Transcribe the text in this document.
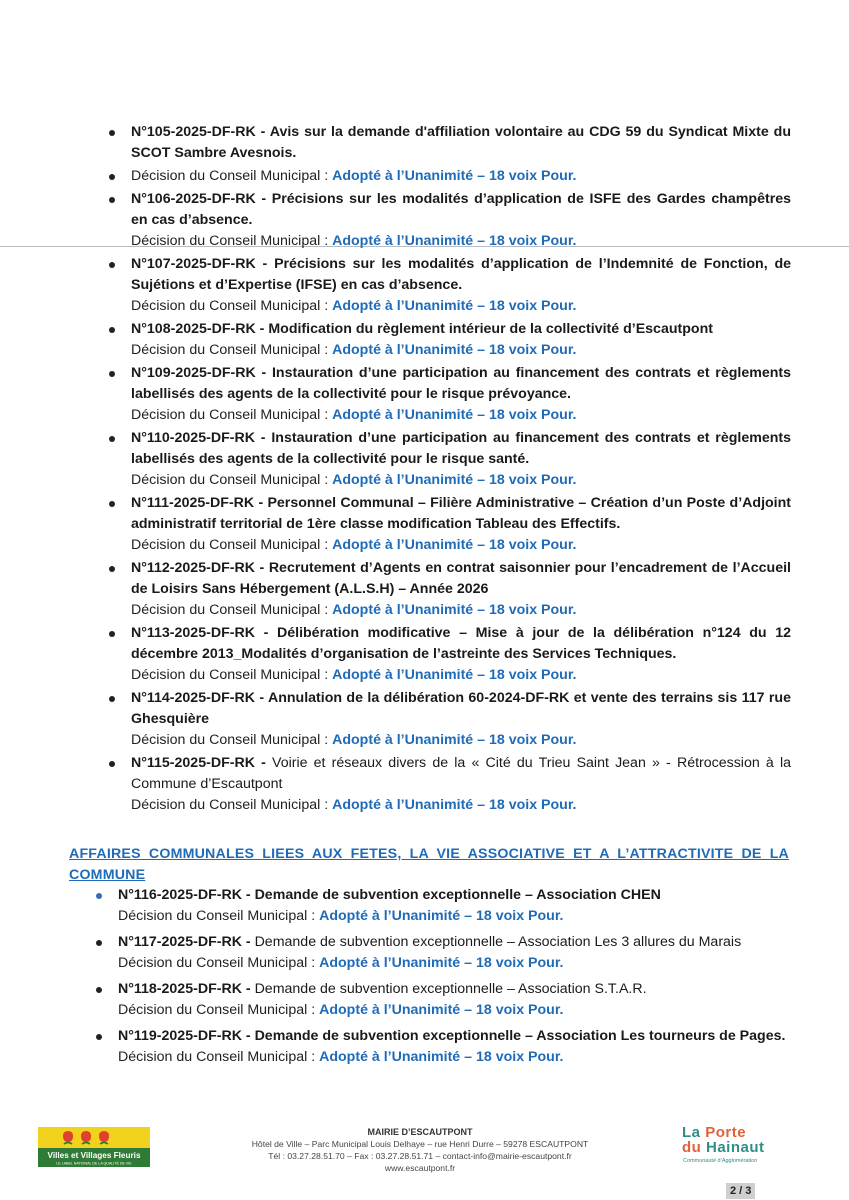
N°105-2025-DF-RK - Avis sur la demande d'affiliation volontaire au CDG 59 du Syndicat Mixte du SCOT Sambre Avesnois.
Décision du Conseil Municipal : Adopté à l’Unanimité – 18 voix Pour.
N°106-2025-DF-RK - Précisions sur les modalités d’application de ISFE des Gardes champêtres en cas d’absence.
Décision du Conseil Municipal : Adopté à l’Unanimité – 18 voix Pour.
N°107-2025-DF-RK - Précisions sur les modalités d’application de l’Indemnité de Fonction, de Sujétions et d’Expertise (IFSE) en cas d’absence.
Décision du Conseil Municipal : Adopté à l’Unanimité – 18 voix Pour.
N°108-2025-DF-RK - Modification du règlement intérieur de la collectivité d’Escautpont
Décision du Conseil Municipal : Adopté à l’Unanimité – 18 voix Pour.
N°109-2025-DF-RK - Instauration d’une participation au financement des contrats et règlements labellisés des agents de la collectivité pour le risque prévoyance.
Décision du Conseil Municipal : Adopté à l’Unanimité – 18 voix Pour.
N°110-2025-DF-RK - Instauration d’une participation au financement des contrats et règlements labellisés des agents de la collectivité pour le risque santé.
Décision du Conseil Municipal : Adopté à l’Unanimité – 18 voix Pour.
N°111-2025-DF-RK - Personnel Communal – Filière Administrative – Création d’un Poste d’Adjoint administratif territorial de 1ère classe modification Tableau des Effectifs.
Décision du Conseil Municipal : Adopté à l’Unanimité – 18 voix Pour.
N°112-2025-DF-RK - Recrutement d’Agents en contrat saisonnier pour l’encadrement de l’Accueil de Loisirs Sans Hébergement (A.L.S.H) – Année 2026
Décision du Conseil Municipal : Adopté à l’Unanimité – 18 voix Pour.
N°113-2025-DF-RK - Délibération modificative – Mise à jour de la délibération n°124 du 12 décembre 2013_Modalités d’organisation de l’astreinte des Services Techniques.
Décision du Conseil Municipal : Adopté à l’Unanimité – 18 voix Pour.
N°114-2025-DF-RK - Annulation de la délibération 60-2024-DF-RK et vente des terrains sis 117 rue Ghesquière
Décision du Conseil Municipal : Adopté à l’Unanimité – 18 voix Pour.
N°115-2025-DF-RK - Voirie et réseaux divers de la « Cité du Trieu Saint Jean » - Rétrocession à la Commune d’Escautpont
Décision du Conseil Municipal : Adopté à l’Unanimité – 18 voix Pour.
AFFAIRES COMMUNALES LIEES AUX FETES, LA VIE ASSOCIATIVE ET A L’ATTRACTIVITE DE LA COMMUNE
N°116-2025-DF-RK - Demande de subvention exceptionnelle – Association CHEN
Décision du Conseil Municipal : Adopté à l’Unanimité – 18 voix Pour.
N°117-2025-DF-RK - Demande de subvention exceptionnelle – Association Les 3 allures du Marais
Décision du Conseil Municipal : Adopté à l’Unanimité – 18 voix Pour.
N°118-2025-DF-RK - Demande de subvention exceptionnelle – Association S.T.A.R.
Décision du Conseil Municipal : Adopté à l’Unanimité – 18 voix Pour.
N°119-2025-DF-RK - Demande de subvention exceptionnelle – Association Les tourneurs de Pages.
Décision du Conseil Municipal : Adopté à l’Unanimité – 18 voix Pour.
Villes et Villages Fleuris
LE LABEL NATIONAL DE LA QUALITÉ DE VIE
MAIRIE D’ESCAUTPONT
Hôtel de Ville – Parc Municipal Louis Delhaye – rue Henri Durre – 59278 ESCAUTPONT
Tél : 03.27.28.51.70 – Fax : 03.27.28.51.71 – contact-info@mairie-escautpont.fr
www.escautpont.fr
La Porte
du Hainaut
Communauté d’Agglomération
2 / 3
